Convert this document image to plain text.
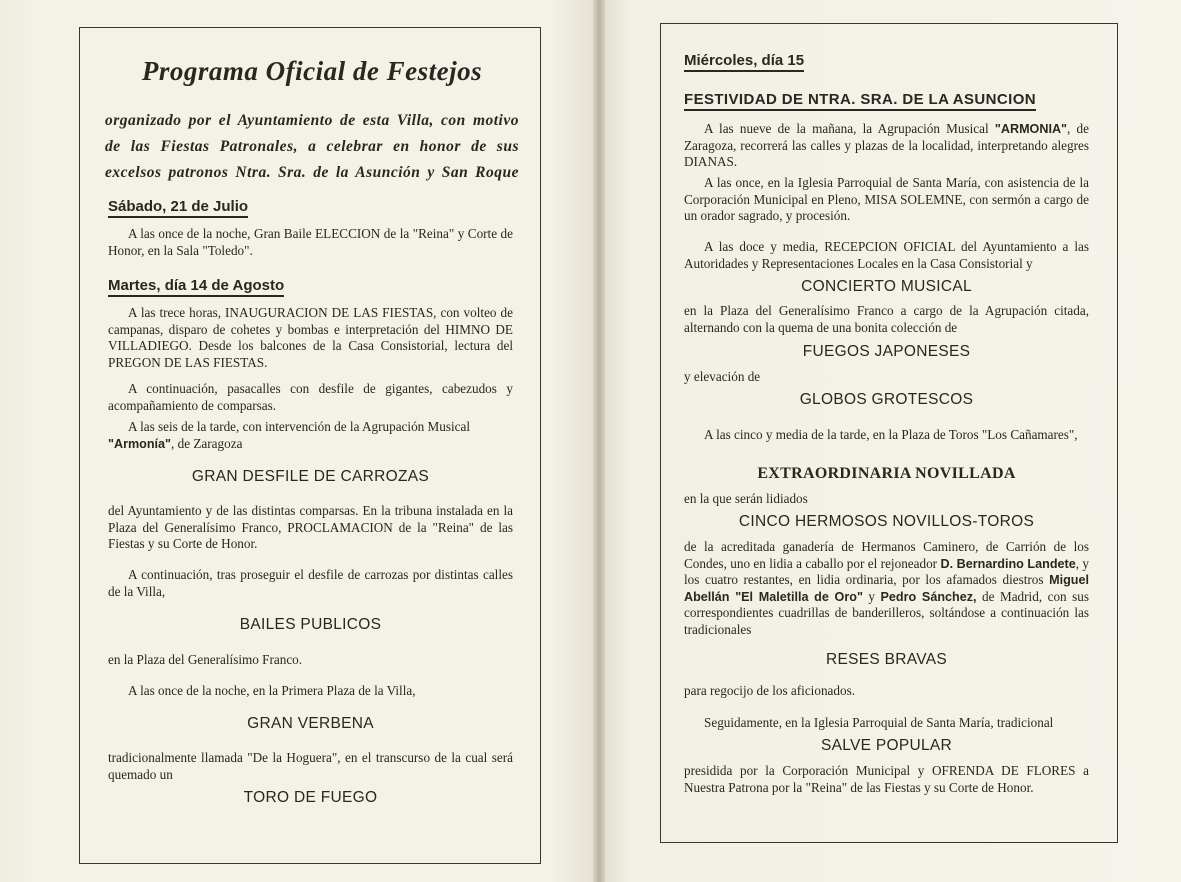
Programa Oficial de Festejos
organizado por el Ayuntamiento de esta Villa, con motivo
de las Fiestas Patronales, a celebrar en honor de sus
excelsos patronos Ntra. Sra. de la Asunción y San Roque
Sábado, 21 de Julio
A las once de la noche, Gran Baile ELECCION de la "Reina" y Corte de Honor, en la Sala "Toledo".
Martes, día 14 de Agosto
A las trece horas, INAUGURACION DE LAS FIESTAS, con volteo de campanas, disparo de cohetes y bombas e interpretación del HIMNO DE VILLADIEGO. Desde los balcones de la Casa Consistorial, lectura del PREGON DE LAS FIESTAS.
A continuación, pasacalles con desfile de gigantes, cabezudos y acompañamiento de comparsas.
A las seis de la tarde, con intervención de la Agrupación Musical
"Armonía", de Zaragoza
GRAN DESFILE DE CARROZAS
del Ayuntamiento y de las distintas comparsas. En la tribuna instalada en la Plaza del Generalísimo Franco, PROCLAMACION de la "Reina" de las Fiestas y su Corte de Honor.
A continuación, tras proseguir el desfile de carrozas por distintas calles de la Villa,
BAILES PUBLICOS
en la Plaza del Generalísimo Franco.
A las once de la noche, en la Primera Plaza de la Villa,
GRAN VERBENA
tradicionalmente llamada "De la Hoguera", en el transcurso de la cual será quemado un
TORO DE FUEGO
Miércoles, día 15
FESTIVIDAD DE NTRA. SRA. DE LA ASUNCION
A las nueve de la mañana, la Agrupación Musical "ARMONIA", de Zaragoza, recorrerá las calles y plazas de la localidad, interpretando alegres DIANAS.
A las once, en la Iglesia Parroquial de Santa María, con asistencia de la Corporación Municipal en Pleno, MISA SOLEMNE, con sermón a cargo de un orador sagrado, y procesión.
A las doce y media, RECEPCION OFICIAL del Ayuntamiento a las Autoridades y Representaciones Locales en la Casa Consistorial y
CONCIERTO MUSICAL
en la Plaza del Generalísimo Franco a cargo de la Agrupación citada, alternando con la quema de una bonita colección de
FUEGOS JAPONESES
y elevación de
GLOBOS GROTESCOS
A las cinco y media de la tarde, en la Plaza de Toros "Los Cañamares",
EXTRAORDINARIA NOVILLADA
en la que serán lidiados
CINCO HERMOSOS NOVILLOS-TOROS
de la acreditada ganadería de Hermanos Caminero, de Carrión de los Condes, uno en lidia a caballo por el rejoneador D. Bernardino Landete, y los cuatro restantes, en lidia ordinaria, por los afamados diestros Miguel Abellán "El Maletilla de Oro" y Pedro Sánchez, de Madrid, con sus correspondientes cuadrillas de banderilleros, soltándose a continuación las tradicionales
RESES BRAVAS
para regocijo de los aficionados.
Seguidamente, en la Iglesia Parroquial de Santa María, tradicional
SALVE POPULAR
presidida por la Corporación Municipal y OFRENDA DE FLORES a Nuestra Patrona por la "Reina" de las Fiestas y su Corte de Honor.
